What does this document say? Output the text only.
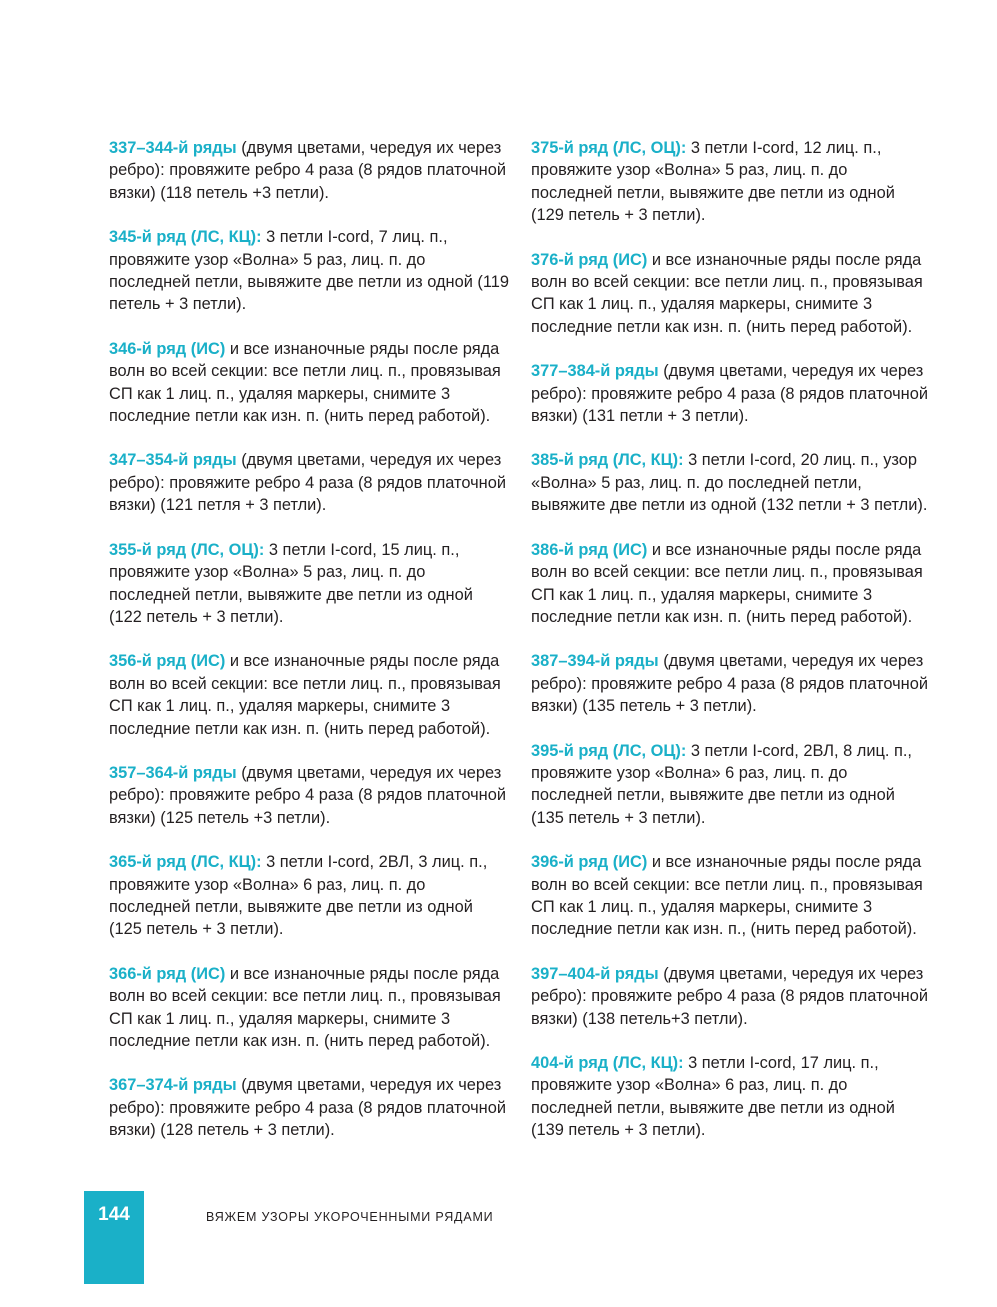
337–344-й ряды (двумя цветами, чередуя их через ребро): провяжите ребро 4 раза (8 рядов платочной вязки) (118 петель +3 петли).

345-й ряд (ЛС, КЦ): 3 петли I-cord, 7 лиц. п., провяжите узор «Волна» 5 раз, лиц. п. до последней петли, вывяжите две петли из одной (119 петель + 3 петли).

346-й ряд (ИС) и все изнаночные ряды после ряда волн во всей секции: все петли лиц. п., провязывая СП как 1 лиц. п., удаляя маркеры, снимите 3 последние петли как изн. п. (нить перед работой).

347–354-й ряды (двумя цветами, чередуя их через ребро): провяжите ребро 4 раза (8 рядов платочной вязки) (121 петля + 3 петли).

355-й ряд (ЛС, ОЦ): 3 петли I-cord, 15 лиц. п., провяжите узор «Волна» 5 раз, лиц. п. до последней петли, вывяжите две петли из одной (122 петель + 3 петли).

356-й ряд (ИС) и все изнаночные ряды после ряда волн во всей секции: все петли лиц. п., провязывая СП как 1 лиц. п., удаляя маркеры, снимите 3 последние петли как изн. п. (нить перед работой).

357–364-й ряды (двумя цветами, чередуя их через ребро): провяжите ребро 4 раза (8 рядов платочной вязки) (125 петель +3 петли).

365-й ряд (ЛС, КЦ): 3 петли I-cord, 2ВЛ, 3 лиц. п., провяжите узор «Волна» 6 раз, лиц. п. до последней петли, вывяжите две петли из одной (125 петель + 3 петли).

366-й ряд (ИС) и все изнаночные ряды после ряда волн во всей секции: все петли лиц. п., провязывая СП как 1 лиц. п., удаляя маркеры, снимите 3 последние петли как изн. п. (нить перед работой).

367–374-й ряды (двумя цветами, чередуя их через ребро): провяжите ребро 4 раза (8 рядов платочной вязки) (128 петель + 3 петли).

375-й ряд (ЛС, ОЦ): 3 петли I-cord, 12 лиц. п., провяжите узор «Волна» 5 раз, лиц. п. до последней петли, вывяжите две петли из одной (129 петель + 3 петли).

376-й ряд (ИС) и все изнаночные ряды после ряда волн во всей секции: все петли лиц. п., провязывая СП как 1 лиц. п., удаляя маркеры, снимите 3 последние петли как изн. п. (нить перед работой).

377–384-й ряды (двумя цветами, чередуя их через ребро): провяжите ребро 4 раза (8 рядов платочной вязки) (131 петли + 3 петли).

385-й ряд (ЛС, КЦ): 3 петли I-cord, 20 лиц. п., узор «Волна» 5 раз, лиц. п. до последней петли, вывяжите две петли из одной (132 петли + 3 петли).

386-й ряд (ИС) и все изнаночные ряды после ряда волн во всей секции: все петли лиц. п., провязывая СП как 1 лиц. п., удаляя маркеры, снимите 3 последние петли как изн. п. (нить перед работой).

387–394-й ряды (двумя цветами, чередуя их через ребро): провяжите ребро 4 раза (8 рядов платочной вязки) (135 петель + 3 петли).

395-й ряд (ЛС, ОЦ): 3 петли I-cord, 2ВЛ, 8 лиц. п., провяжите узор «Волна» 6 раз, лиц. п. до последней петли, вывяжите две петли из одной (135 петель + 3 петли).

396-й ряд (ИС) и все изнаночные ряды после ряда волн во всей секции: все петли лиц. п., провязывая СП как 1 лиц. п., удаляя маркеры, снимите 3 последние петли как изн. п., (нить перед работой).

397–404-й ряды (двумя цветами, чередуя их через ребро): провяжите ребро 4 раза (8 рядов платочной вязки) (138 петель+3 петли).

404-й ряд (ЛС, КЦ): 3 петли I-cord, 17 лиц. п., провяжите узор «Волна» 6 раз, лиц. п. до последней петли, вывяжите две петли из одной (139 петель + 3 петли).

144	ВЯЖЕМ УЗОРЫ УКОРОЧЕННЫМИ РЯДАМИ
